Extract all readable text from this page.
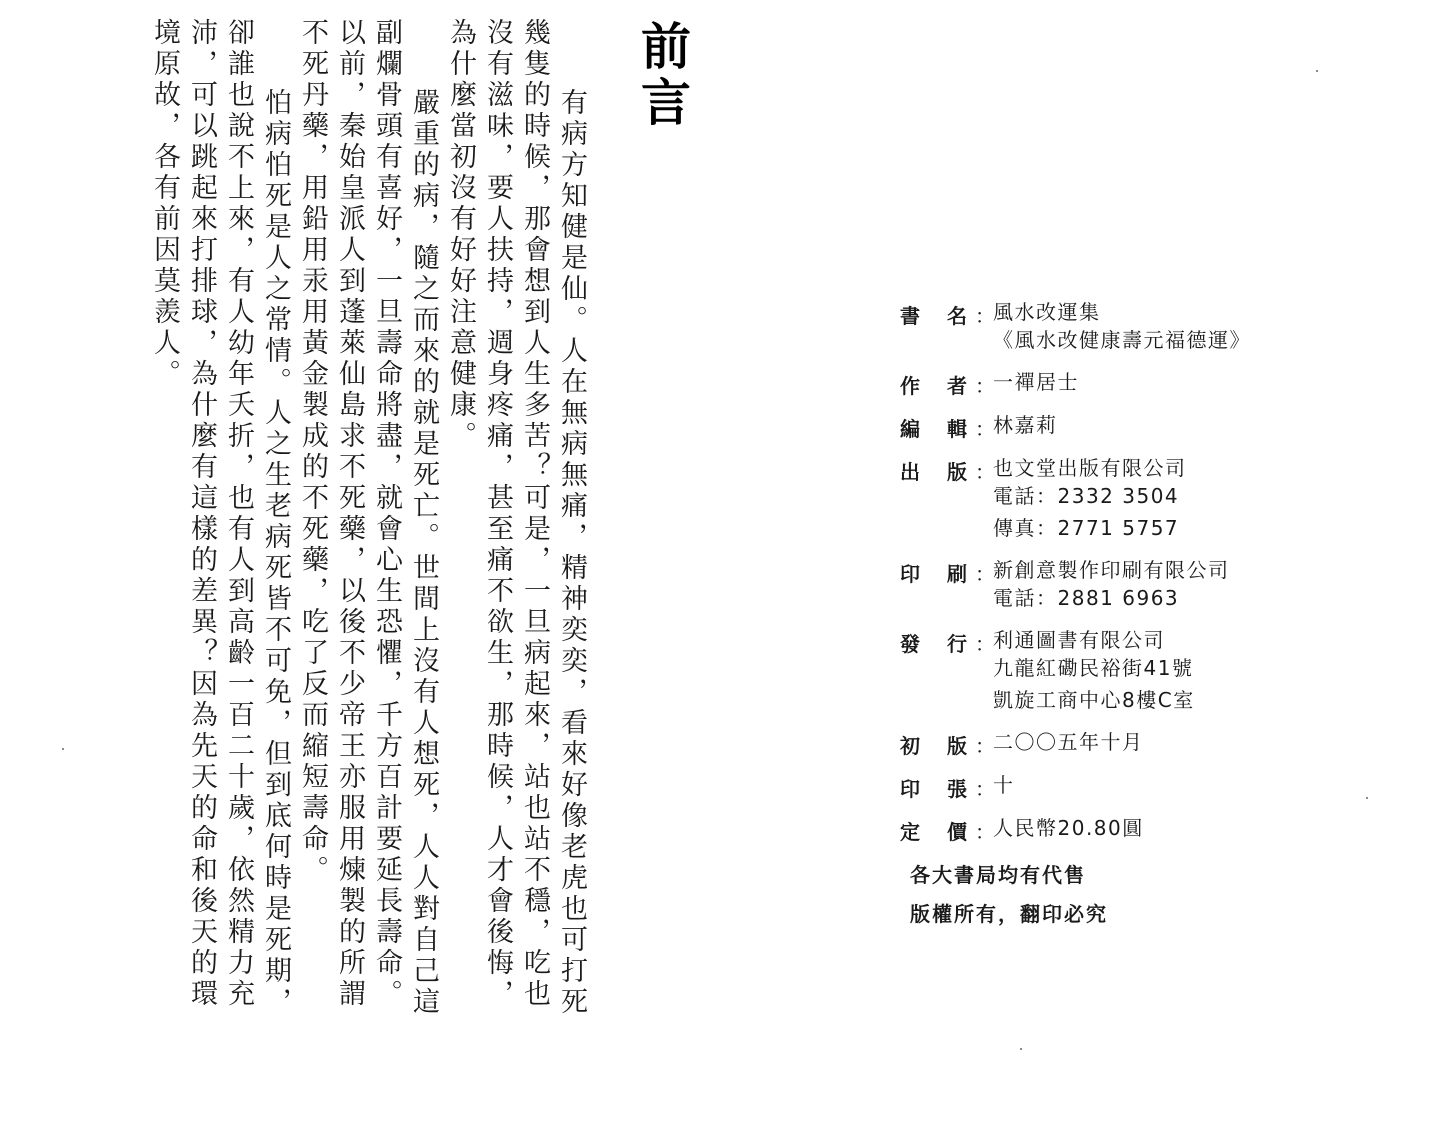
前言

有病方知健是仙。人在無病無痛，精神奕奕，看來好像老虎也可打死幾隻的時候，那會想到人生多苦？可是，一旦病起來，站也站不穩，吃也沒有滋味，要人扶持，週身疼痛，甚至痛不欲生，那時候，人才會後悔，為什麼當初沒有好好注意健康。

嚴重的病，隨之而來的就是死亡。世間上沒有人想死，人人對自己這副爛骨頭有喜好，一旦壽命將盡，就會心生恐懼，千方百計要延長壽命。以前，秦始皇派人到蓬萊仙島求不死藥，以後不少帝王亦服用煉製的所謂不死丹藥，用鉛用汞用黃金製成的不死藥，吃了反而縮短壽命。

怕病怕死是人之常情。人之生老病死皆不可免，但到底何時是死期，卻誰也說不上來，有人幼年夭折，也有人到高齡一百二十歲，依然精力充沛，可以跳起來打排球，為什麼有這樣的差異？因為先天的命和後天的環境原故，各有前因莫羨人。	書 名 ：
風水改運集
《風水改健康壽元福德運》
作 者 ：
一禪居士
編 輯 ：
林嘉莉
出 版 ：
也文堂出版有限公司
電話：2332 3504
傳真：2771 5757
印 刷 ：
新創意製作印刷有限公司
電話：2881 6963
發 行 ：
利通圖書有限公司
九龍紅磡民裕街41號
凱旋工商中心8樓C室
初 版 ：
二〇〇五年十月
印 張 ：
十
定 價 ：
人民幣20.80圓
各大書局均有代售
版權所有，翻印必究
